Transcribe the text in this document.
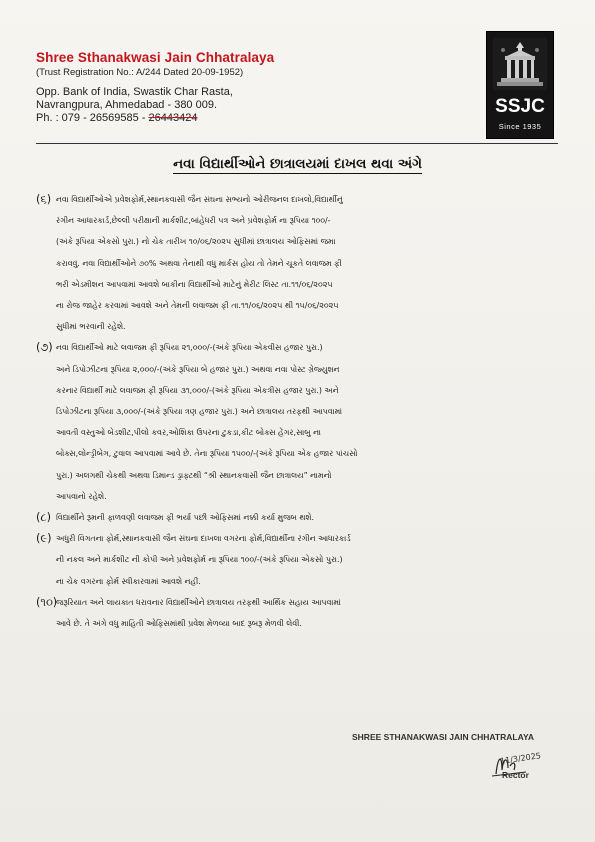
Shree Sthanakwasi Jain Chhatralaya
(Trust Registration No.: A/244 Dated 20-09-1952)
Opp. Bank of India, Swastik Char Rasta,
Navrangpura, Ahmedabad - 380 009.
Ph. : 079 - 26569585 - 26443424
SSJC
Since 1935
નવા વિદ્યાર્થીઓને છાત્રાલયમાં દાખલ થવા અંગે
(૬) નવા વિદ્યાર્થીઓએ પ્રવેશફોર્મ,સ્થાનકવાસી જૈન સંઘના સભ્યનો ઓરીજનલ દાખલો,વિદ્યાર્થીનું
રંગીન આધારકાર્ડ,છેલ્લી પરીક્ષાની માર્કશીટ,બાંહેધરી પત્ર અને પ્રવેશફોર્મ ના રૂપિયા ૧૦૦/-
(અંકે રૂપિયા એકસો પુરા.) નો ચેક તારીખ ૧૦/૦૬/૨૦૨૫ સુધીમાં છાત્રાલય ઓફિસમાં જમા
કરાવવું. નવા વિદ્યાર્થીઓને ૭૦% અથવા તેનાથી વધુ માર્કસ હોય તો તેમને ચૂકતે લવાજમ ફી
ભરી એડમીશન આપવામાં આવશે બાકીના વિદ્યાર્થીઓ માટેનું મેરીટ લિસ્ટ તા.૧૧/૦૬/૨૦૨૫
ના રોજ જાહેર કરવામાં આવશે અને તેમની લવાજમ ફી તા.૧૧/૦૬/૨૦૨૫ થી ૧૫/૦૬/૨૦૨૫
સુધીમાં ભરવાની રહેશે.

(૭) નવા વિદ્યાર્થીઓ માટે લવાજમ ફી રૂપિયા ૨૧,૦૦૦/-(અંકે રૂપિયા એકવીસ હજાર પુરા.)
અને ડિપોઝીટના રૂપિયા ૨,૦૦૦/-(અંકે રૂપિયા બે હજાર પુરા.) અથવા નવા પોસ્ટ ગ્રેજ્યુશન
કરનાર વિદ્યાર્થી માટે લવાજમ ફી રૂપિયા ૩૧,૦૦૦/-(અંકે રૂપિયા એકત્રીસ હજાર પુરા.) અને
ડિપોઝીટના રૂપિયા ૩,૦૦૦/-(અંકે રૂપિયા ત્રણ હજાર પુરા.) અને છાત્રાલય તરફથી આપવામાં
આવતી વસ્તુઓ બેડશીટ,પીલો કવર,ઓશિકા ઉપરના ટુકડા,કીટ બોક્સ હેંગર,સાબુ ના
બોક્સ,લોન્ડ્રીબેગ, ટુવાલ આપવામાં આવે છે. તેના રૂપિયા ૧૫૦૦/-(અંકે રૂપિયા એક હજાર પાંચસો
પુરા.) અલગથી ચેકથી અથવા ડિમાન્ડ ડ્રાફ્ટથી “શ્રી સ્થાનકવાસી જૈન છાત્રાલય” નામનો
આપવાનો રહેશે.

(૮) વિદ્યાર્થીને રૂમની ફાળવણી લવાજમ ફી ભર્યા પછી ઓફિસમાં નક્કી કર્યા મુજબ થશે.

(૯) અધુરી વિગતના ફોર્મ,સ્થાનકવાસી જૈન સંઘના દાખલા વગરના ફોર્મ,વિદ્યાર્થીના રંગીન આધારકાર્ડ
ની નકલ અને માર્કશીટ ની કોપી અને પ્રવેશફોર્મ ના રૂપિયા ૧૦૦/-(અંકે રૂપિયા એકસો પુરા.)
ના ચેક વગરના ફોર્મ સ્વીકારવામાં આવશે નહીં.

(૧૦)

જરૂરિયાત અને લાયકાત ધરાવનાર વિદ્યાર્થીઓને છાત્રાલય તરફથી આર્થિક સહાય આપવામાં
આવે છે. તે અંગે વધુ માહિતી ઓફિસમાંથી પ્રવેશ મેળવ્યા બાદ રૂબરૂ મેળવી લેવી.

SHREE STHANAKWASI JAIN CHHATRALAYA
11/3/2025
Rector
